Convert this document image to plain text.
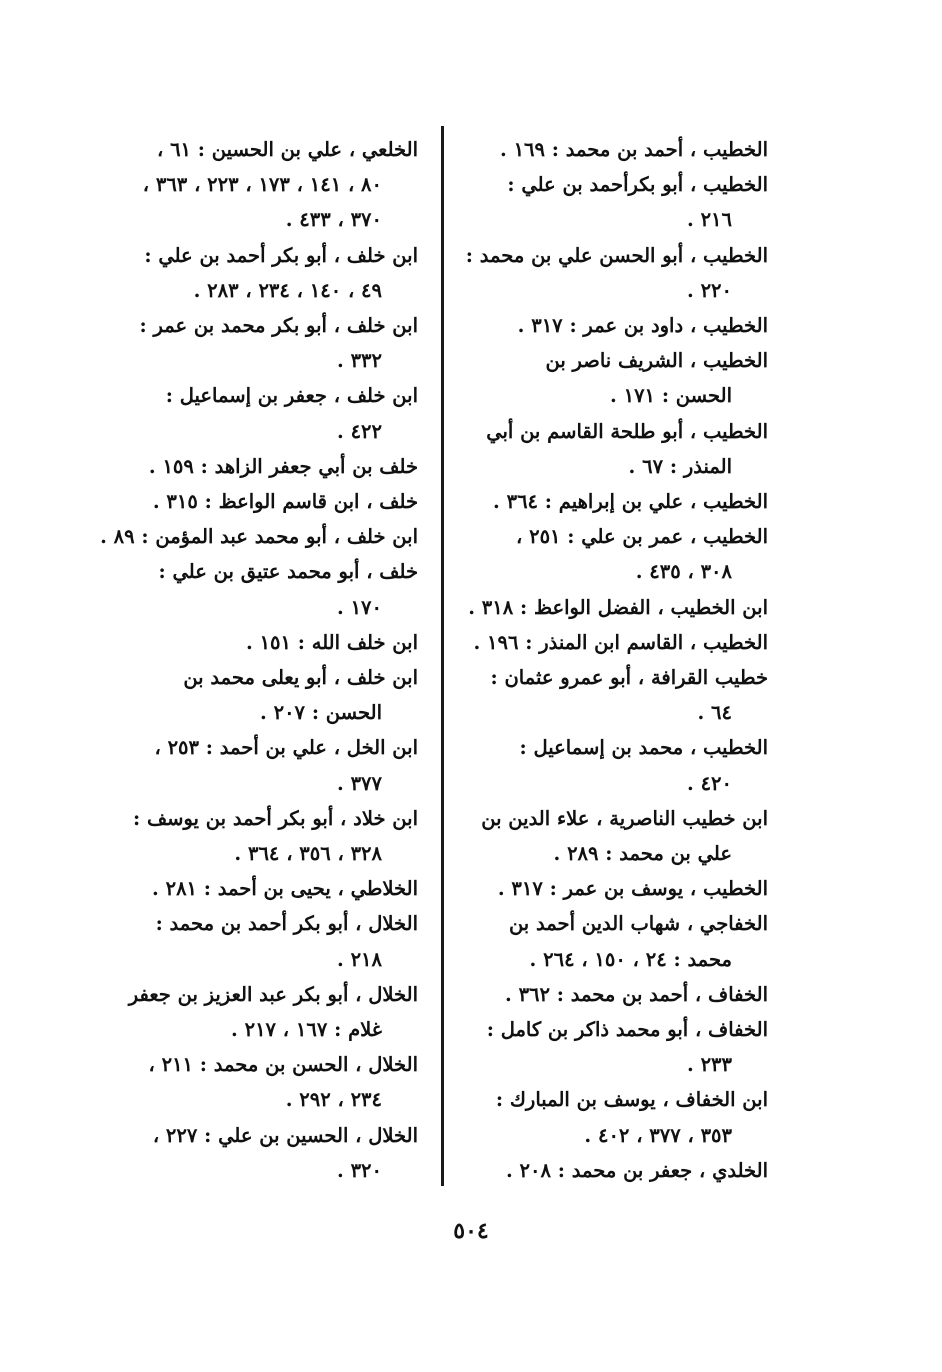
الخطيب ، أحمد بن محمد : ١٦٩ .
الخطيب ، أبو بكرأحمد بن علي :
٢١٦ .
الخطيب ، أبو الحسن علي بن محمد :
٢٢٠ .
الخطيب ، داود بن عمر : ٣١٧ .
الخطيب ، الشريف ناصر بن
الحسن : ١٧١ .
الخطيب ، أبو طلحة القاسم بن أبي
المنذر : ٦٧ .
الخطيب ، علي بن إبراهيم : ٣٦٤ .
الخطيب ، عمر بن علي : ٢٥١ ،
٣٠٨ ، ٤٣٥ .
ابن الخطيب ، الفضل الواعظ : ٣١٨ .
الخطيب ، القاسم ابن المنذر : ١٩٦ .
خطيب القرافة ، أبو عمرو عثمان :
٦٤ .
الخطيب ، محمد بن إسماعيل :
٤٢٠ .
ابن خطيب الناصرية ، علاء الدين بن
علي بن محمد : ٢٨٩ .
الخطيب ، يوسف بن عمر : ٣١٧ .
الخفاجي ، شهاب الدين أحمد بن
محمد : ٢٤ ، ١٥٠ ، ٢٦٤ .
الخفاف ، أحمد بن محمد : ٣٦٢ .
الخفاف ، أبو محمد ذاكر بن كامل :
٢٣٣ .
ابن الخفاف ، يوسف بن المبارك :
٣٥٣ ، ٣٧٧ ، ٤٠٢ .
الخلدي ، جعفر بن محمد : ٢٠٨ .
الخلعي ، علي بن الحسين : ٦١ ،
٨٠ ، ١٤١ ، ١٧٣ ، ٢٢٣ ، ٣٦٣ ،
٣٧٠ ، ٤٣٣ .
ابن خلف ، أبو بكر أحمد بن علي :
٤٩ ، ١٤٠ ، ٢٣٤ ، ٢٨٣ .
ابن خلف ، أبو بكر محمد بن عمر :
٣٣٢ .
ابن خلف ، جعفر بن إسماعيل :
٤٢٢ .
خلف بن أبي جعفر الزاهد : ١٥٩ .
خلف ، ابن قاسم الواعظ : ٣١٥ .
ابن خلف ، أبو محمد عبد المؤمن : ٨٩ .
خلف ، أبو محمد عتيق بن علي :
١٧٠ .
ابن خلف الله : ١٥١ .
ابن خلف ، أبو يعلى محمد بن
الحسن : ٢٠٧ .
ابن الخل ، علي بن أحمد : ٢٥٣ ،
٣٧٧ .
ابن خلاد ، أبو بكر أحمد بن يوسف :
٣٢٨ ، ٣٥٦ ، ٣٦٤ .
الخلاطي ، يحيى بن أحمد : ٢٨١ .
الخلال ، أبو بكر أحمد بن محمد :
٢١٨ .
الخلال ، أبو بكر عبد العزيز بن جعفر
غلام : ١٦٧ ، ٢١٧ .
الخلال ، الحسن بن محمد : ٢١١ ،
٢٣٤ ، ٢٩٢ .
الخلال ، الحسين بن علي : ٢٢٧ ،
٣٢٠ .
٥٠٤
